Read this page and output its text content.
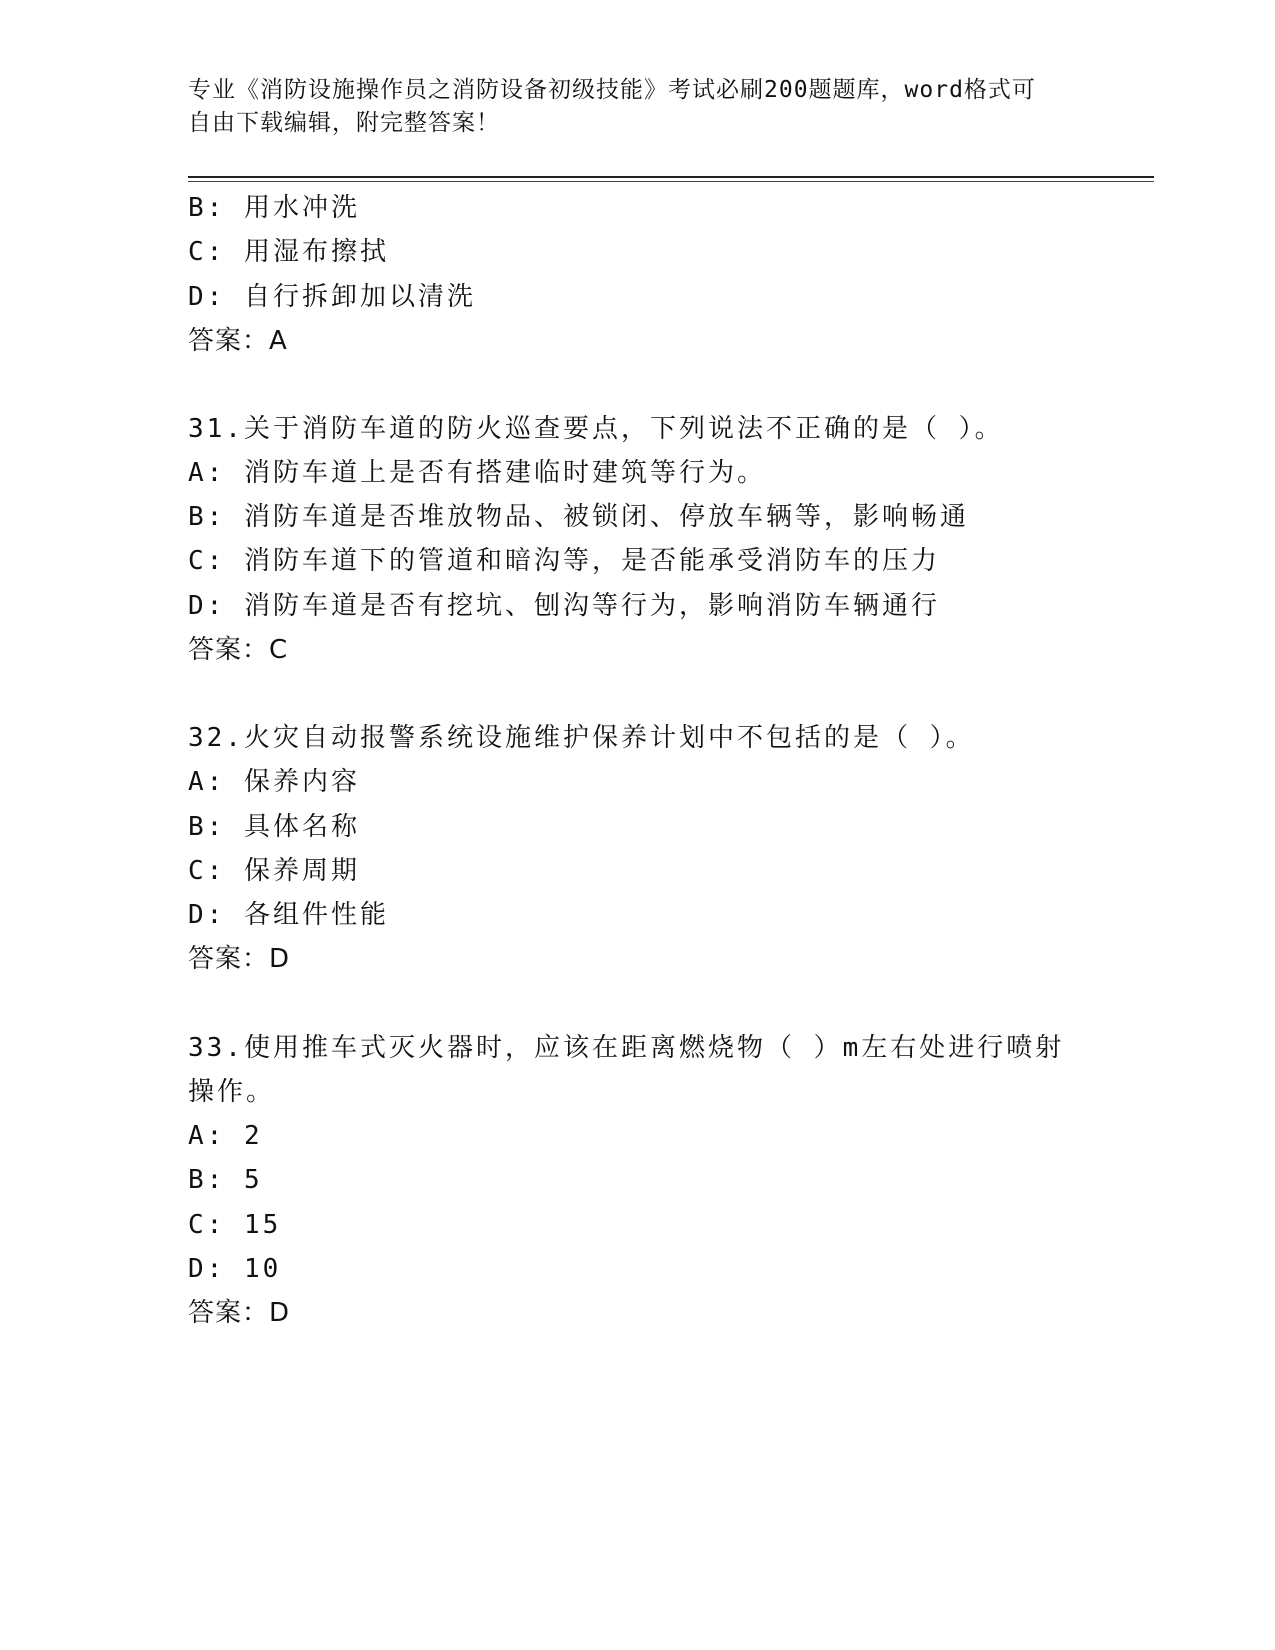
专业《消防设施操作员之消防设备初级技能》考试必刷200题题库，word格式可
自由下载编辑，附完整答案！
B: 用水冲洗
C: 用湿布擦拭
D: 自行拆卸加以清洗
答案：A
31.关于消防车道的防火巡查要点，下列说法不正确的是（ ）。
A: 消防车道上是否有搭建临时建筑等行为。
B: 消防车道是否堆放物品、被锁闭、停放车辆等，影响畅通
C: 消防车道下的管道和暗沟等，是否能承受消防车的压力
D: 消防车道是否有挖坑、刨沟等行为，影响消防车辆通行
答案：C
32.火灾自动报警系统设施维护保养计划中不包括的是（ ）。
A: 保养内容
B: 具体名称
C: 保养周期
D: 各组件性能
答案：D
33.使用推车式灭火器时，应该在距离燃烧物（ ）m左右处进行喷射
操作。
A: 2
B: 5
C: 15
D: 10
答案：D
